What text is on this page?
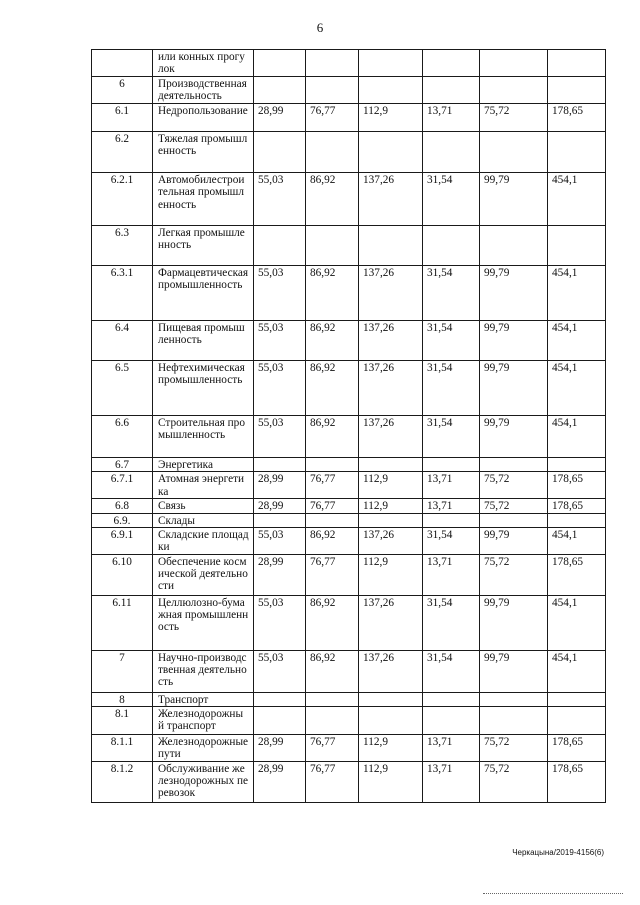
6
	или конных прогулок						
6	Производственная деятельность						
6.1	Недропользование	28,99	76,77	112,9	13,71	75,72	178,65
6.2	Тяжелая промышленность						
6.2.1	Автомобилестроительная промышленность	55,03	86,92	137,26	31,54	99,79	454,1
6.3	Легкая промышленность						
6.3.1	Фармацевтическая промышленность	55,03	86,92	137,26	31,54	99,79	454,1
6.4	Пищевая промышленность	55,03	86,92	137,26	31,54	99,79	454,1
6.5	Нефтехимическая промышленность	55,03	86,92	137,26	31,54	99,79	454,1
6.6	Строительная промышленность	55,03	86,92	137,26	31,54	99,79	454,1
6.7	Энергетика						
6.7.1	Атомная энергетика	28,99	76,77	112,9	13,71	75,72	178,65
6.8	Связь	28,99	76,77	112,9	13,71	75,72	178,65
6.9.	Склады						
6.9.1	Складские площадки	55,03	86,92	137,26	31,54	99,79	454,1
6.10	Обеспечение космической деятельности	28,99	76,77	112,9	13,71	75,72	178,65
6.11	Целлюлозно-бумажная промышленность	55,03	86,92	137,26	31,54	99,79	454,1
7	Научно-производственная деятельность	55,03	86,92	137,26	31,54	99,79	454,1
8	Транспорт						
8.1	Железнодорожный транспорт						
8.1.1	Железнодорожные пути	28,99	76,77	112,9	13,71	75,72	178,65
8.1.2	Обслуживание железнодорожных перевозок	28,99	76,77	112,9	13,71	75,72	178,65
Черкацына/2019-4156(6)
